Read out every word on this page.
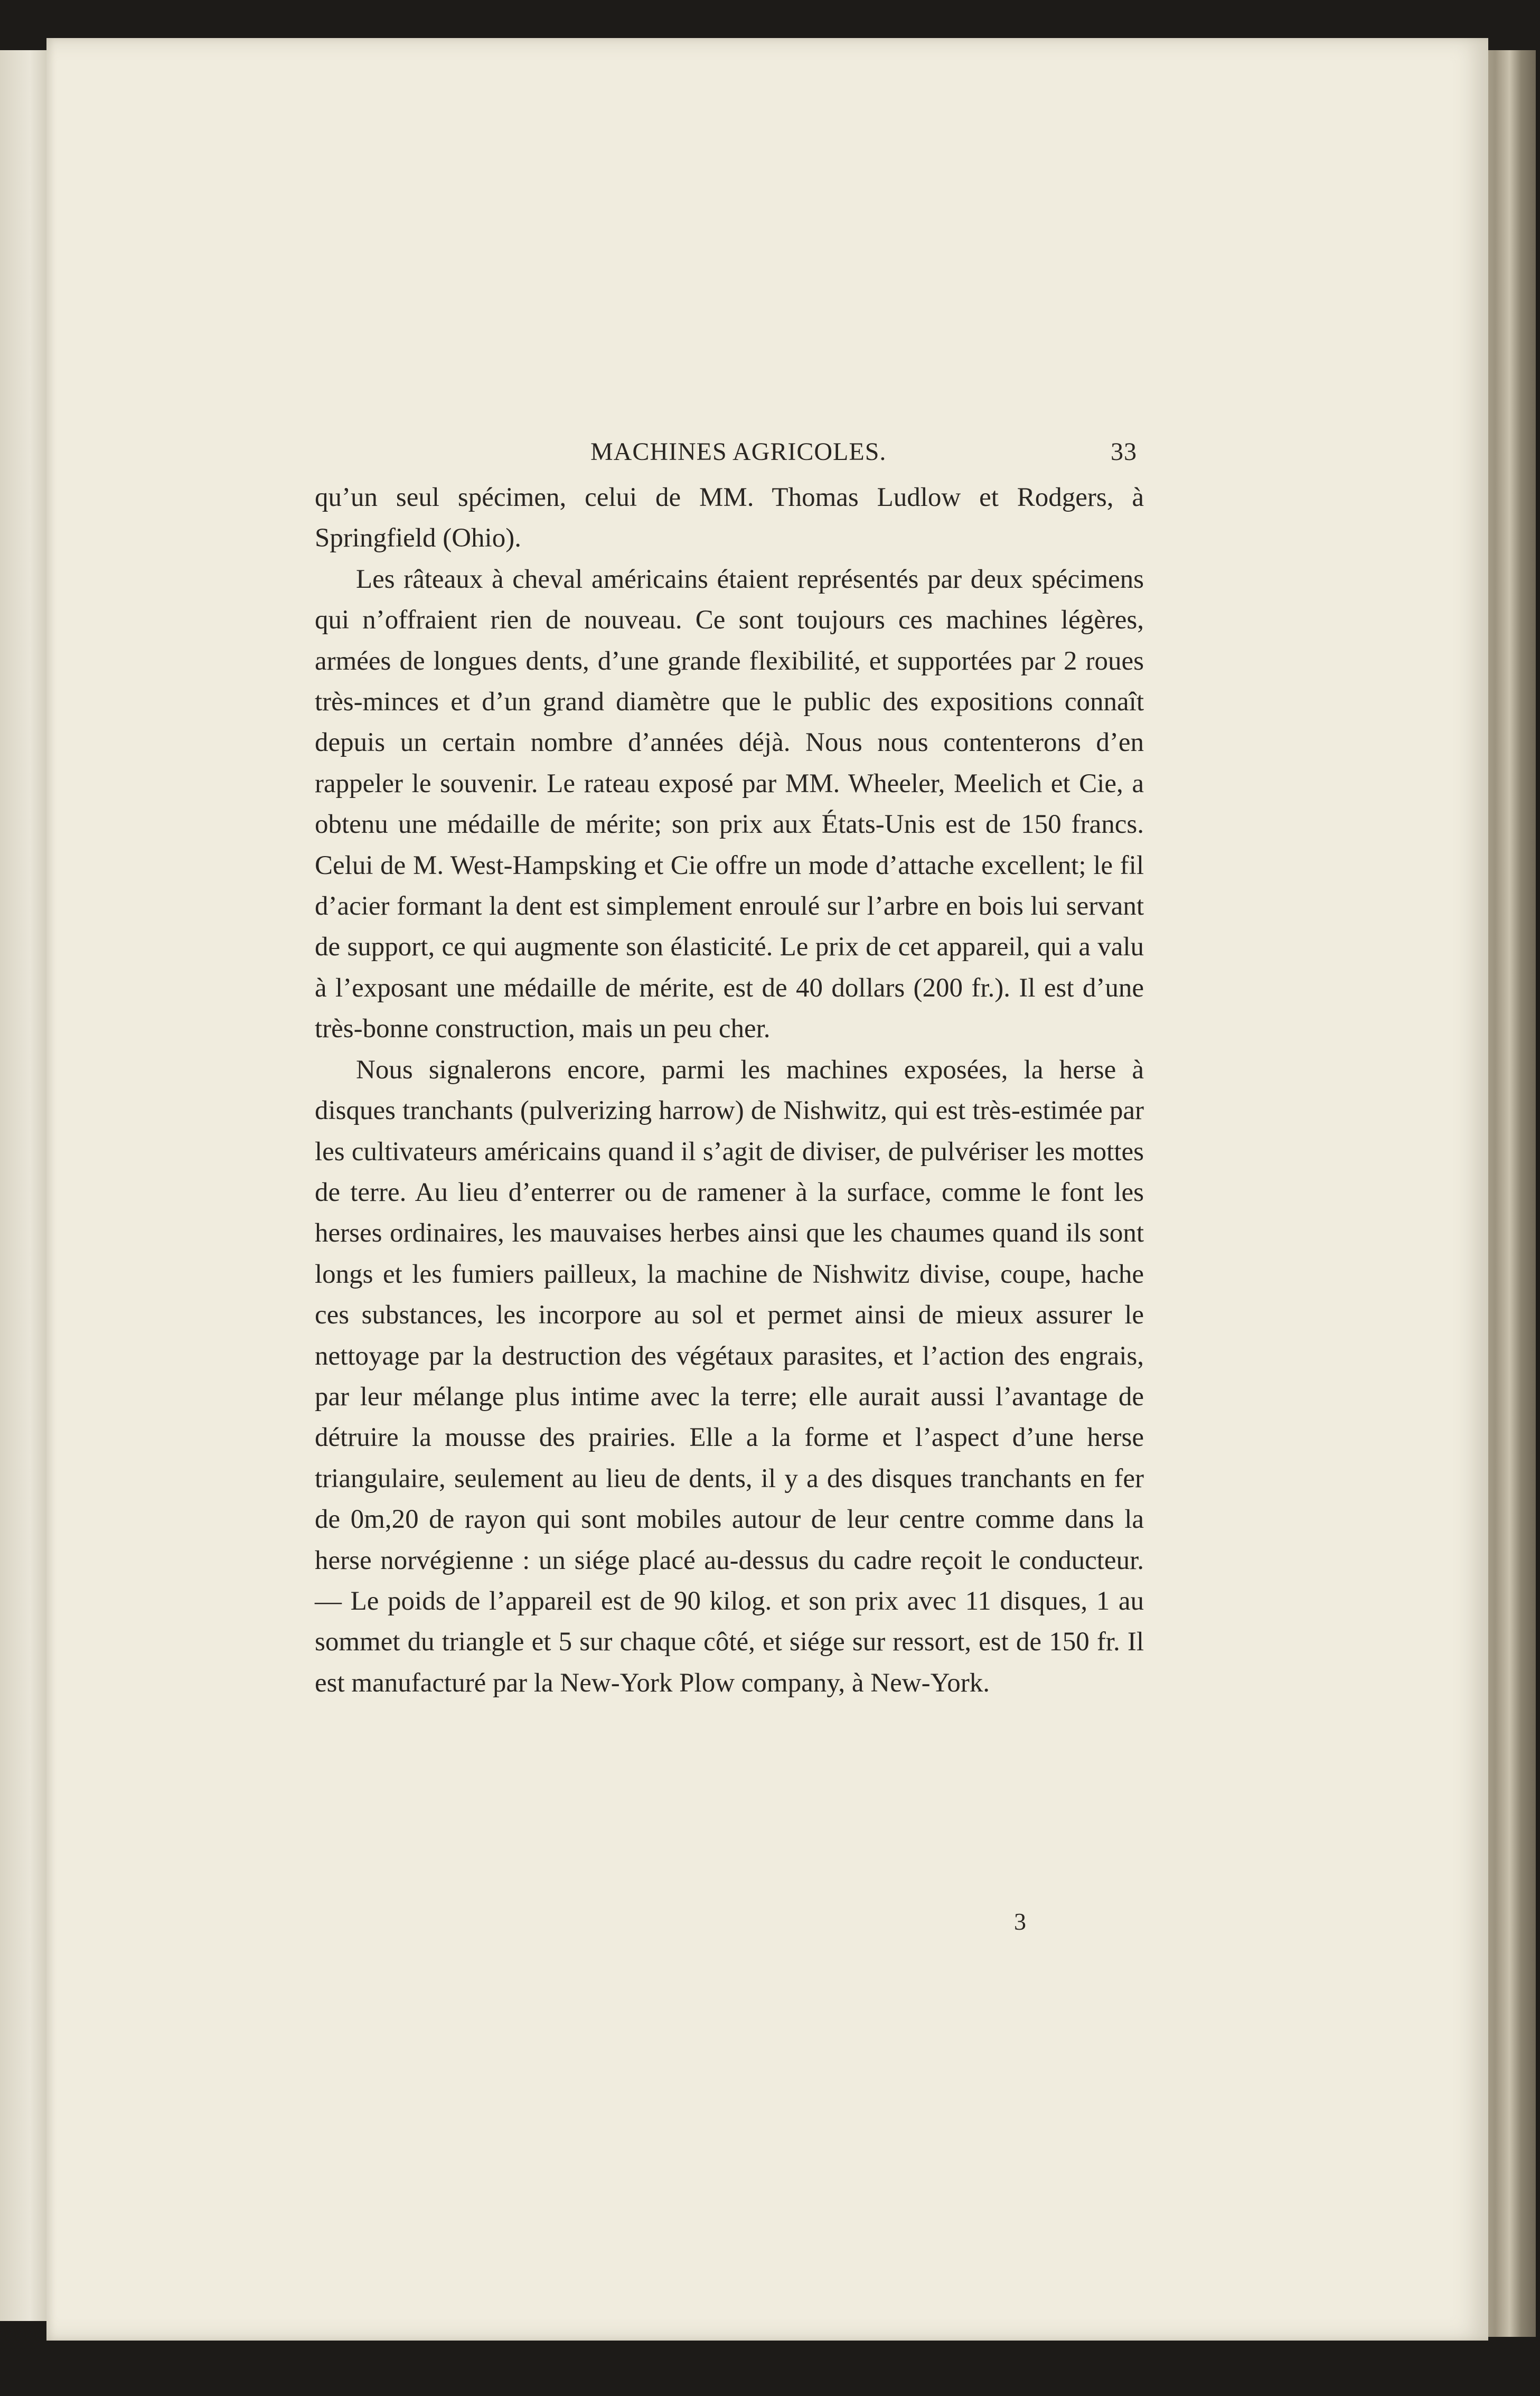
MACHINES AGRICOLES.	33

qu’un seul spécimen, celui de MM. Thomas Ludlow et Rodgers, à Springfield (Ohio).

Les râteaux à cheval américains étaient représentés par deux spécimens qui n’offraient rien de nouveau. Ce sont toujours ces machines légères, armées de longues dents, d’une grande flexibilité, et supportées par 2 roues très-minces et d’un grand diamètre que le public des expositions connaît depuis un certain nombre d’années déjà. Nous nous contenterons d’en rappeler le souvenir. Le rateau exposé par MM. Wheeler, Meelich et Cie, a obtenu une médaille de mérite; son prix aux États-Unis est de 150 francs. Celui de M. West-Hampsking et Cie offre un mode d’attache excellent; le fil d’acier formant la dent est simplement enroulé sur l’arbre en bois lui servant de support, ce qui augmente son élasticité. Le prix de cet appareil, qui a valu à l’exposant une médaille de mérite, est de 40 dollars (200 fr.). Il est d’une très-bonne construction, mais un peu cher.

Nous signalerons encore, parmi les machines exposées, la herse à disques tranchants (pulverizing harrow) de Nishwitz, qui est très-estimée par les cultivateurs américains quand il s’agit de diviser, de pulvériser les mottes de terre. Au lieu d’enterrer ou de ramener à la surface, comme le font les herses ordinaires, les mauvaises herbes ainsi que les chaumes quand ils sont longs et les fumiers pailleux, la machine de Nishwitz divise, coupe, hache ces substances, les incorpore au sol et permet ainsi de mieux assurer le nettoyage par la destruction des végétaux parasites, et l’action des engrais, par leur mélange plus intime avec la terre; elle aurait aussi l’avantage de détruire la mousse des prairies. Elle a la forme et l’aspect d’une herse triangulaire, seulement au lieu de dents, il y a des disques tranchants en fer de 0m,20 de rayon qui sont mobiles autour de leur centre comme dans la herse norvégienne : un siége placé au-dessus du cadre reçoit le conducteur. — Le poids de l’appareil est de 90 kilog. et son prix avec 11 disques, 1 au sommet du triangle et 5 sur chaque côté, et siége sur ressort, est de 150 fr. Il est manufacturé par la New-York Plow company, à New-York.

3
